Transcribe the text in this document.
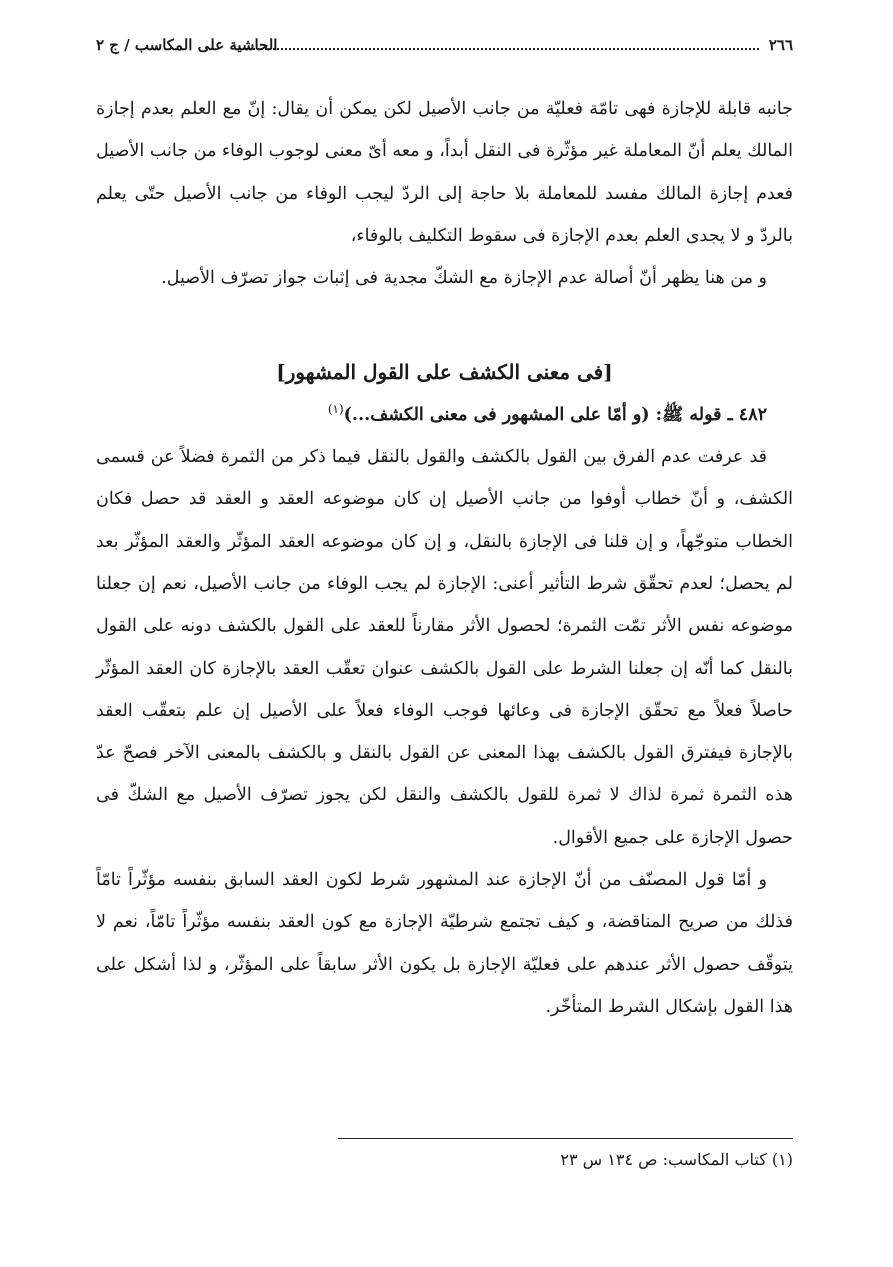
٢٦٦
الحاشية على المكاسب / ج ٢

جانبه قابلة للإجازة فهى تامّة فعليّة من جانب الأصيل لكن يمكن أن يقال: إنّ مع العلم بعدم إجازة المالك يعلم أنّ المعاملة غير مؤثّرة فى النقل أبداً، و معه أىّ معنى لوجوب الوفاء من جانب الأصيل فعدم إجازة المالك مفسد للمعاملة بلا حاجة إلى الردّ ليجب الوفاء من جانب الأصيل حتّى يعلم بالردّ و لا يجدى العلم بعدم الإجازة فى سقوط التكليف بالوفاء،

و من هنا يظهر أنّ أصالة عدم الإجازة مع الشكّ مجدية فى إثبات جواز تصرّف الأصيل.

[فى معنى الكشف على القول المشهور]

٤٨٢ ـ قوله ﷺ: (و أمّا على المشهور فى معنى الكشف...)$^{(١)}$

قد عرفت عدم الفرق بين القول بالكشف والقول بالنقل فيما ذكر من الثمرة فضلاً عن قسمى الكشف، و أنّ خطاب أوفوا من جانب الأصيل إن كان موضوعه العقد و العقد قد حصل فكان الخطاب متوجّهاً، و إن قلنا فى الإجازة بالنقل، و إن كان موضوعه العقد المؤثّر والعقد المؤثّر بعد لم يحصل؛ لعدم تحقّق شرط التأثير أعنى: الإجازة لم يجب الوفاء من جانب الأصيل، نعم إن جعلنا موضوعه نفس الأثر تمّت الثمرة؛ لحصول الأثر مقارناً للعقد على القول بالكشف دونه على القول بالنقل كما أنّه إن جعلنا الشرط على القول بالكشف عنوان تعقّب العقد بالإجازة كان العقد المؤثّر حاصلاً فعلاً مع تحقّق الإجازة فى وعائها فوجب الوفاء فعلاً على الأصيل إن علم بتعقّب العقد بالإجازة فيفترق القول بالكشف بهذا المعنى عن القول بالنقل و بالكشف بالمعنى الآخر فصحّ عدّ هذه الثمرة ثمرة لذاك لا ثمرة للقول بالكشف والنقل لكن يجوز تصرّف الأصيل مع الشكّ فى حصول الإجازة على جميع الأقوال.

و أمّا قول المصنّف من أنّ الإجازة عند المشهور شرط لكون العقد السابق بنفسه مؤثّراً تامّاً فذلك من صريح المناقضة، و كيف تجتمع شرطيّة الإجازة مع كون العقد بنفسه مؤثّراً تامّاً، نعم لا يتوقّف حصول الأثر عندهم على فعليّة الإجازة بل يكون الأثر سابقاً على المؤثّر، و لذا أشكل على هذا القول بإشكال الشرط المتأخّر.

(١) كتاب المكاسب: ص ١٣٤ س ٢٣
